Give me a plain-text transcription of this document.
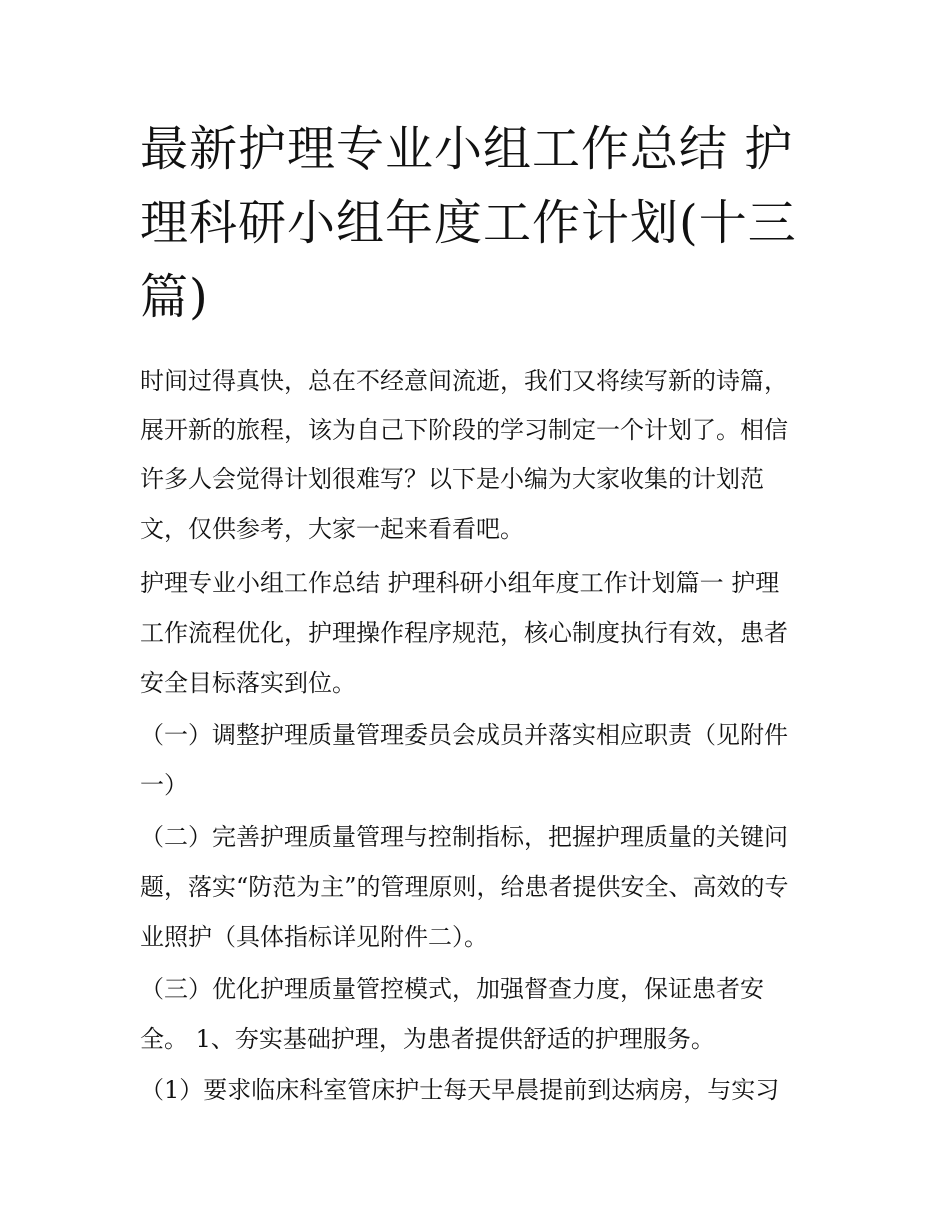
最新护理专业小组工作总结 护理科研小组年度工作计划(十三篇)

时间过得真快，总在不经意间流逝，我们又将续写新的诗篇，

展开新的旅程，该为自己下阶段的学习制定一个计划了。相信

许多人会觉得计划很难写？以下是小编为大家收集的计划范

文，仅供参考，大家一起来看看吧。

护理专业小组工作总结 护理科研小组年度工作计划篇一 护理

工作流程优化，护理操作程序规范，核心制度执行有效，患者

安全目标落实到位。

（一）调整护理质量管理委员会成员并落实相应职责（见附件

一）

（二）完善护理质量管理与控制指标，把握护理质量的关键问

题，落实“防范为主”的管理原则，给患者提供安全、高效的专

业照护（具体指标详见附件二）。

（三）优化护理质量管控模式，加强督查力度，保证患者安

全。 1、夯实基础护理，为患者提供舒适的护理服务。

（1）要求临床科室管床护士每天早晨提前到达病房，与实习
